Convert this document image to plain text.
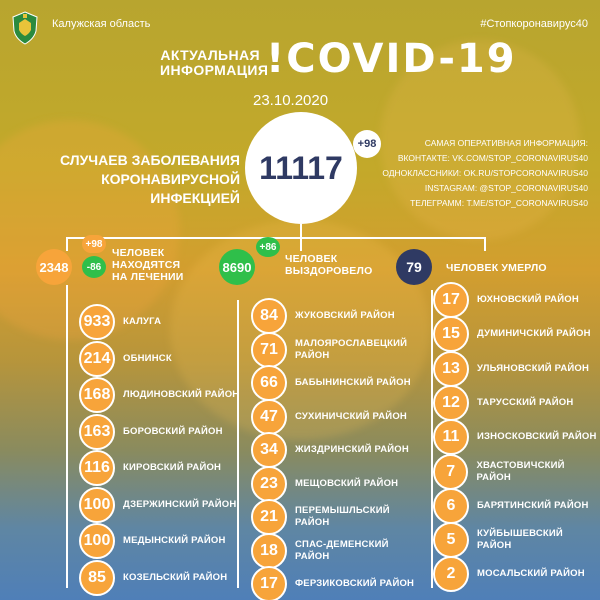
Калужская область	#Стопкоронавирус40
АКТУАЛЬНАЯ
ИНФОРМАЦИЯ
!COVID-19
23.10.2020
СЛУЧАЕВ ЗАБОЛЕВАНИЯ
КОРОНАВИРУСНОЙ ИНФЕКЦИЕЙ
11117
+98	САМАЯ ОПЕРАТИВНАЯ ИНФОРМАЦИЯ:
ВКОНТАКТЕ: VK.COM/STOP_CORONAVIRUS40
ОДНОКЛАССНИКИ: OK.RU/STOPCORONAVIRUS40
INSTAGRAM: @STOP_CORONAVIRUS40
ТЕЛЕГРАММ: T.ME/STOP_CORONAVIRUS40
2348
+98
-86
ЧЕЛОВЕК
НАХОДЯТСЯ
НА ЛЕЧЕНИИ
8690
+86
ЧЕЛОВЕК
ВЫЗДОРОВЕЛО	79	ЧЕЛОВЕК УМЕРЛО
933	КАЛУГА
214	ОБНИНСК
168	ЛЮДИНОВСКИЙ РАЙОН
163	БОРОВСКИЙ РАЙОН
116	КИРОВСКИЙ РАЙОН
100	ДЗЕРЖИНСКИЙ РАЙОН
100	МЕДЫНСКИЙ РАЙОН
85	КОЗЕЛЬСКИЙ РАЙОН
84	ЖУКОВСКИЙ РАЙОН
71	МАЛОЯРОСЛАВЕЦКИЙ
РАЙОН
66	БАБЫНИНСКИЙ РАЙОН
47	СУХИНИЧСКИЙ РАЙОН
34	ЖИЗДРИНСКИЙ РАЙОН
23	МЕЩОВСКИЙ РАЙОН
21	ПЕРЕМЫШЛЬСКИЙ
РАЙОН
18	СПАС-ДЕМЕНСКИЙ
РАЙОН
17	ФЕРЗИКОВСКИЙ РАЙОН
17	ЮХНОВСКИЙ РАЙОН
15	ДУМИНИЧСКИЙ РАЙОН
13	УЛЬЯНОВСКИЙ РАЙОН
12	ТАРУССКИЙ РАЙОН
11	ИЗНОСКОВСКИЙ РАЙОН
7	ХВАСТОВИЧСКИЙ РАЙОН
6	БАРЯТИНСКИЙ РАЙОН
5	КУЙБЫШЕВСКИЙ РАЙОН
2	МОСАЛЬСКИЙ РАЙОН
